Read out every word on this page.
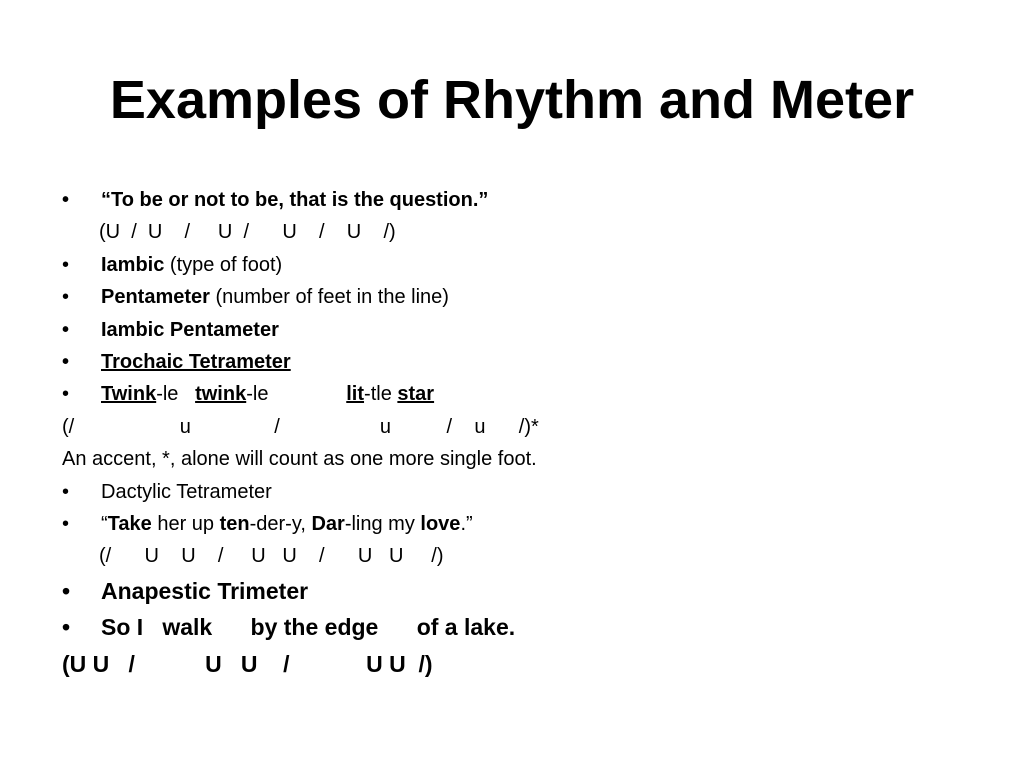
Examples of Rhythm and Meter
• “To be or not to be, that is the question.”
(U  /  U    /     U  /      U    /    U    /)
• Iambic (type of foot)
• Pentameter (number of feet in the line)
• Iambic Pentameter
• Trochaic Tetrameter
• Twink-le   twink-le              lit-tle star
(/                   u               /                  u          /    u      /)*
An accent, *, alone will count as one more single foot.
• Dactylic Tetrameter
• “Take her up ten-der-y, Dar-ling my love.”
(/      U    U    /     U   U    /      U   U     /)
• Anapestic Trimeter
• So I   walk      by the edge      of a lake.
(U U   /           U   U    /            U U  /)
